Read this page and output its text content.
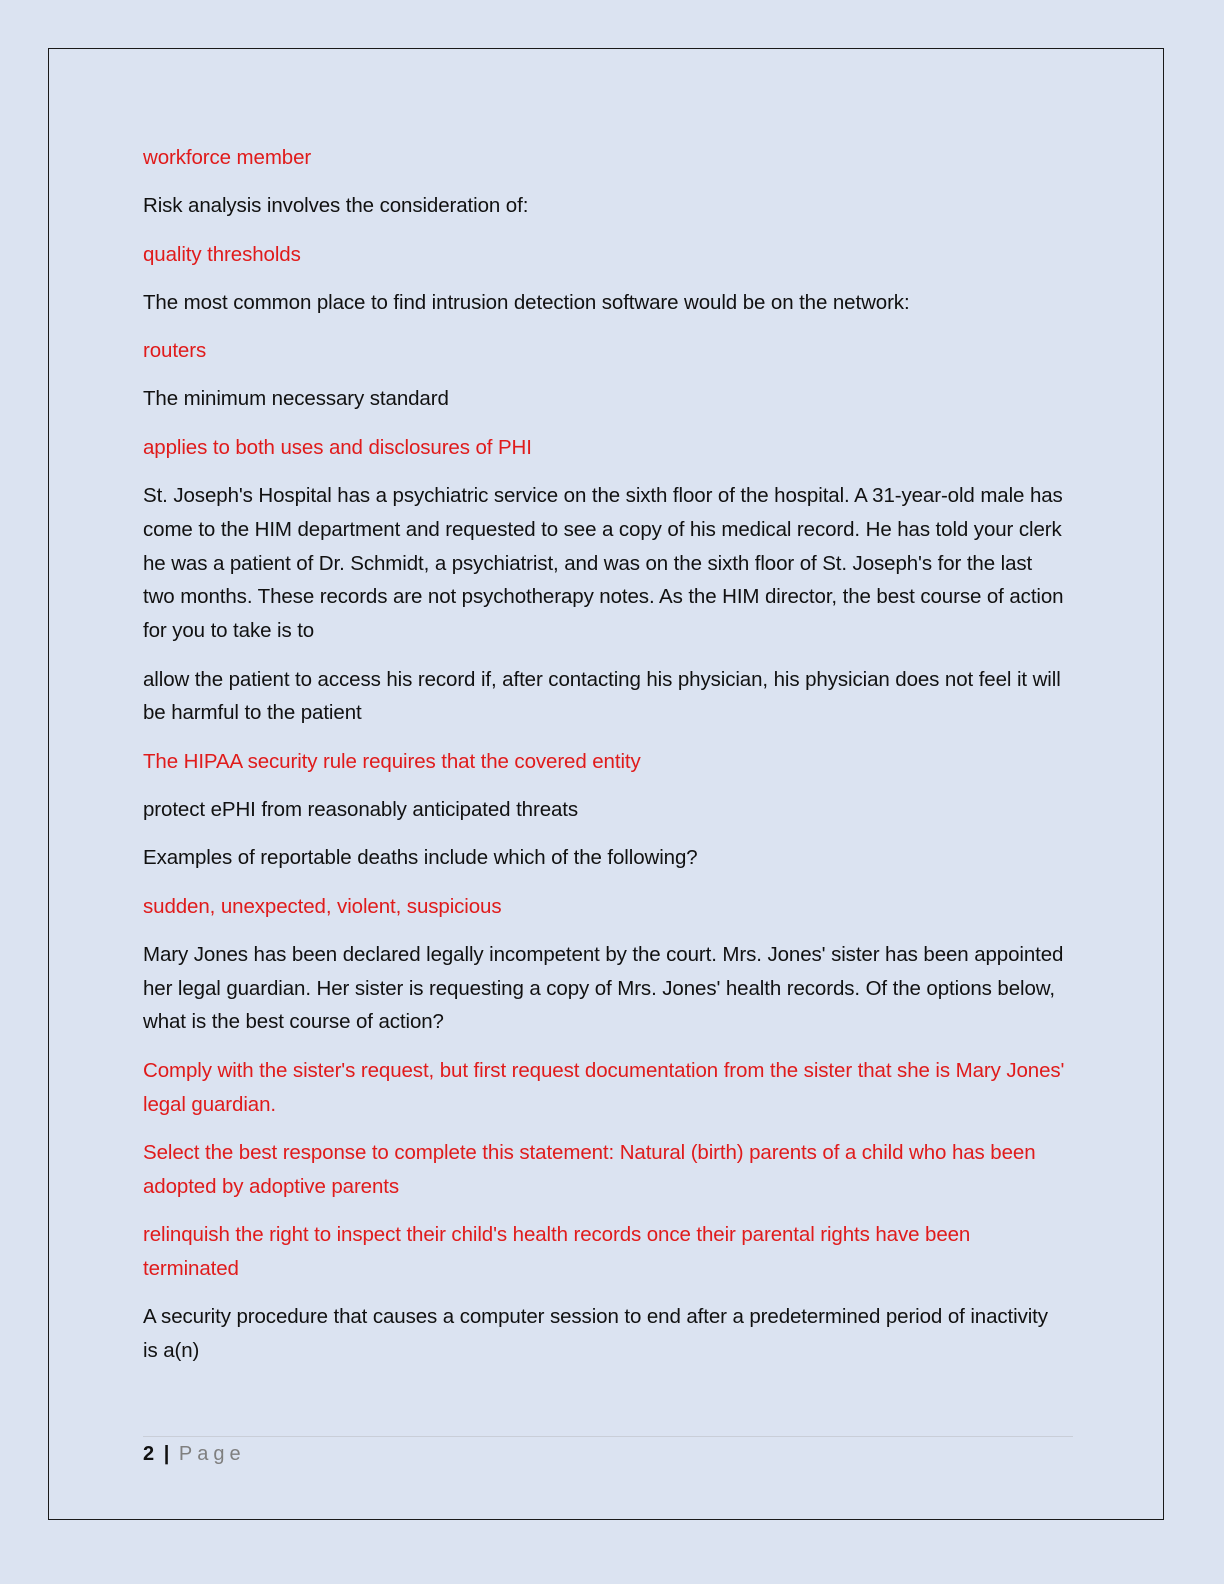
workforce member

Risk analysis involves the consideration of:

quality thresholds

The most common place to find intrusion detection software would be on the network:

routers

The minimum necessary standard

applies to both uses and disclosures of PHI

St. Joseph's Hospital has a psychiatric service on the sixth floor of the hospital. A 31-year-old male has come to the HIM department and requested to see a copy of his medical record. He has told your clerk he was a patient of Dr. Schmidt, a psychiatrist, and was on the sixth floor of St. Joseph's for the last two months. These records are not psychotherapy notes. As the HIM director, the best course of action for you to take is to

allow the patient to access his record if, after contacting his physician, his physician does not feel it will be harmful to the patient

The HIPAA security rule requires that the covered entity

protect ePHI from reasonably anticipated threats

Examples of reportable deaths include which of the following?

sudden, unexpected, violent, suspicious

Mary Jones has been declared legally incompetent by the court. Mrs. Jones' sister has been appointed her legal guardian. Her sister is requesting a copy of Mrs. Jones' health records. Of the options below, what is the best course of action?

Comply with the sister's request, but first request documentation from the sister that she is Mary Jones' legal guardian.

Select the best response to complete this statement: Natural (birth) parents of a child who has been adopted by adoptive parents

relinquish the right to inspect their child's health records once their parental rights have been terminated

A security procedure that causes a computer session to end after a predetermined period of inactivity is a(n)

2 | Page
